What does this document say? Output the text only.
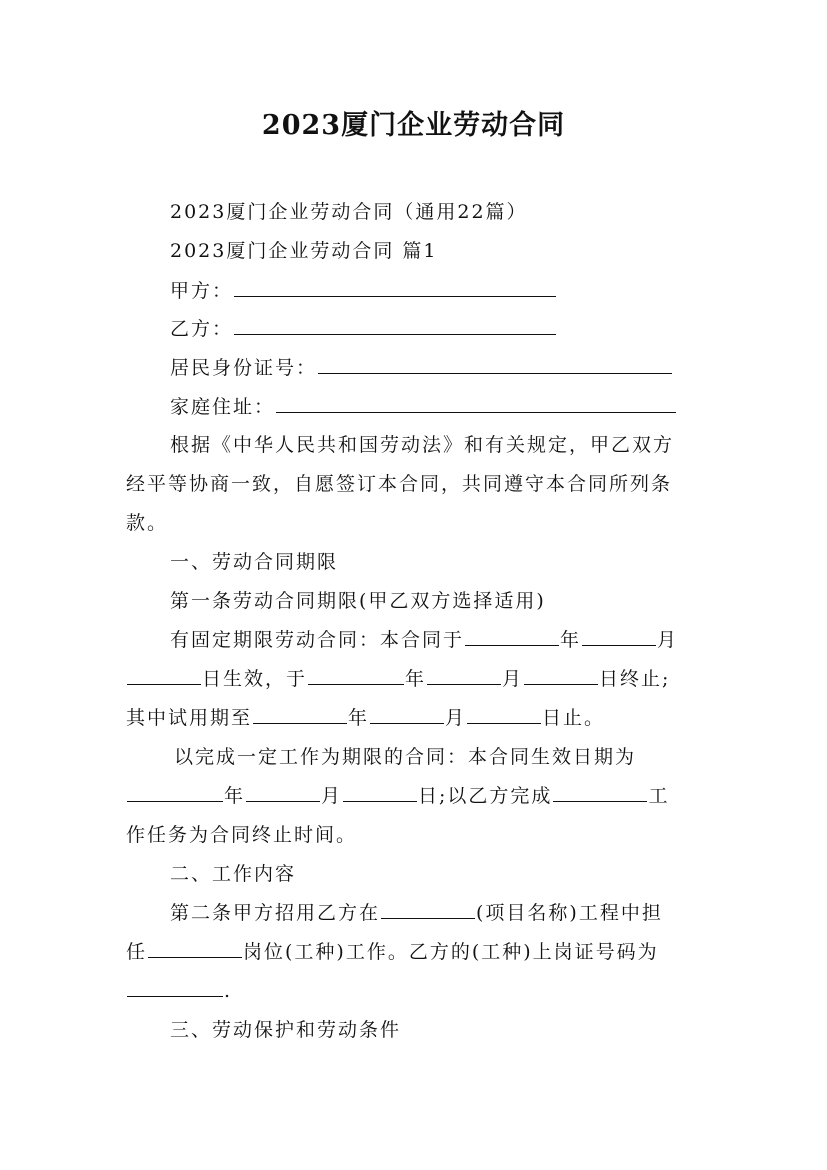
2023厦门企业劳动合同
2023厦门企业劳动合同（通用22篇）
2023厦门企业劳动合同 篇1
甲方：
乙方：
居民身份证号：
家庭住址：
根据《中华人民共和国劳动法》和有关规定，甲乙双方
经平等协商一致，自愿签订本合同，共同遵守本合同所列条
款。
一、劳动合同期限
第一条劳动合同期限(甲乙双方选择适用)
有固定期限劳动合同：本合同于	年	月
日生效，于	年	月	日终止;
其中试用期至	年	月	日止。
以完成一定工作为期限的合同：本合同生效日期为
年	月	日;以乙方完成	工
作任务为合同终止时间。
二、工作内容
第二条甲方招用乙方在	(项目名称)工程中担
任	岗位(工种)工作。乙方的(工种)上岗证号码为
.
三、劳动保护和劳动条件
